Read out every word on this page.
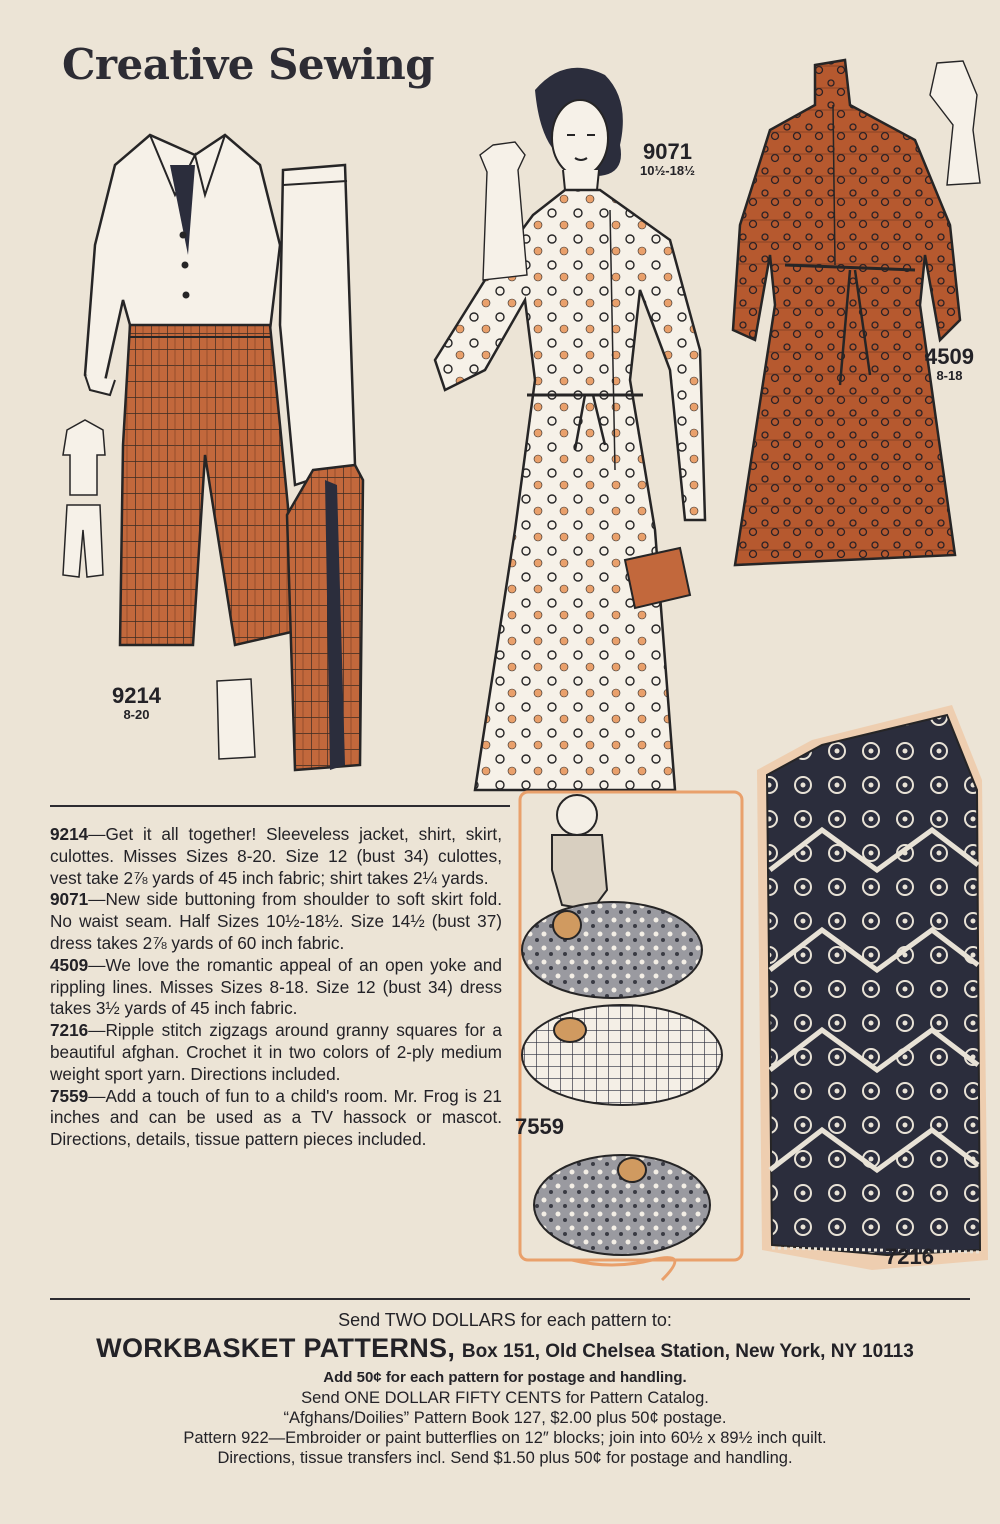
Creative Sewing
9214
8-20
9071
10½-18½
4509
8-18

9214—Get it all together! Sleeveless jacket, shirt, skirt, culottes. Misses Sizes 8-20. Size 12 (bust 34) culottes, vest take 2⅞ yards of 45 inch fabric; shirt takes 2¼ yards.

9071—New side buttoning from shoulder to soft skirt fold. No waist seam. Half Sizes 10½-18½. Size 14½ (bust 37) dress takes 2⅞ yards of 60 inch fabric.

4509—We love the romantic appeal of an open yoke and rippling lines. Misses Sizes 8-18. Size 12 (bust 34) dress takes 3½ yards of 45 inch fabric.

7216—Ripple stitch zigzags around granny squares for a beautiful afghan. Crochet it in two colors of 2-ply medium weight sport yarn. Directions included.

7559—Add a touch of fun to a child's room. Mr. Frog is 21 inches and can be used as a TV hassock or mascot. Directions, details, tissue pattern pieces included.

7559
7216
Send TWO DOLLARS for each pattern to:
WORKBASKET PATTERNS, Box 151, Old Chelsea Station, New York, NY 10113
Add 50¢ for each pattern for postage and handling.
Send ONE DOLLAR FIFTY CENTS for Pattern Catalog.
“Afghans/Doilies” Pattern Book 127, $2.00 plus 50¢ postage.
Pattern 922—Embroider or paint butterflies on 12″ blocks; join into 60½ x 89½ inch quilt.
Directions, tissue transfers incl. Send $1.50 plus 50¢ for postage and handling.
